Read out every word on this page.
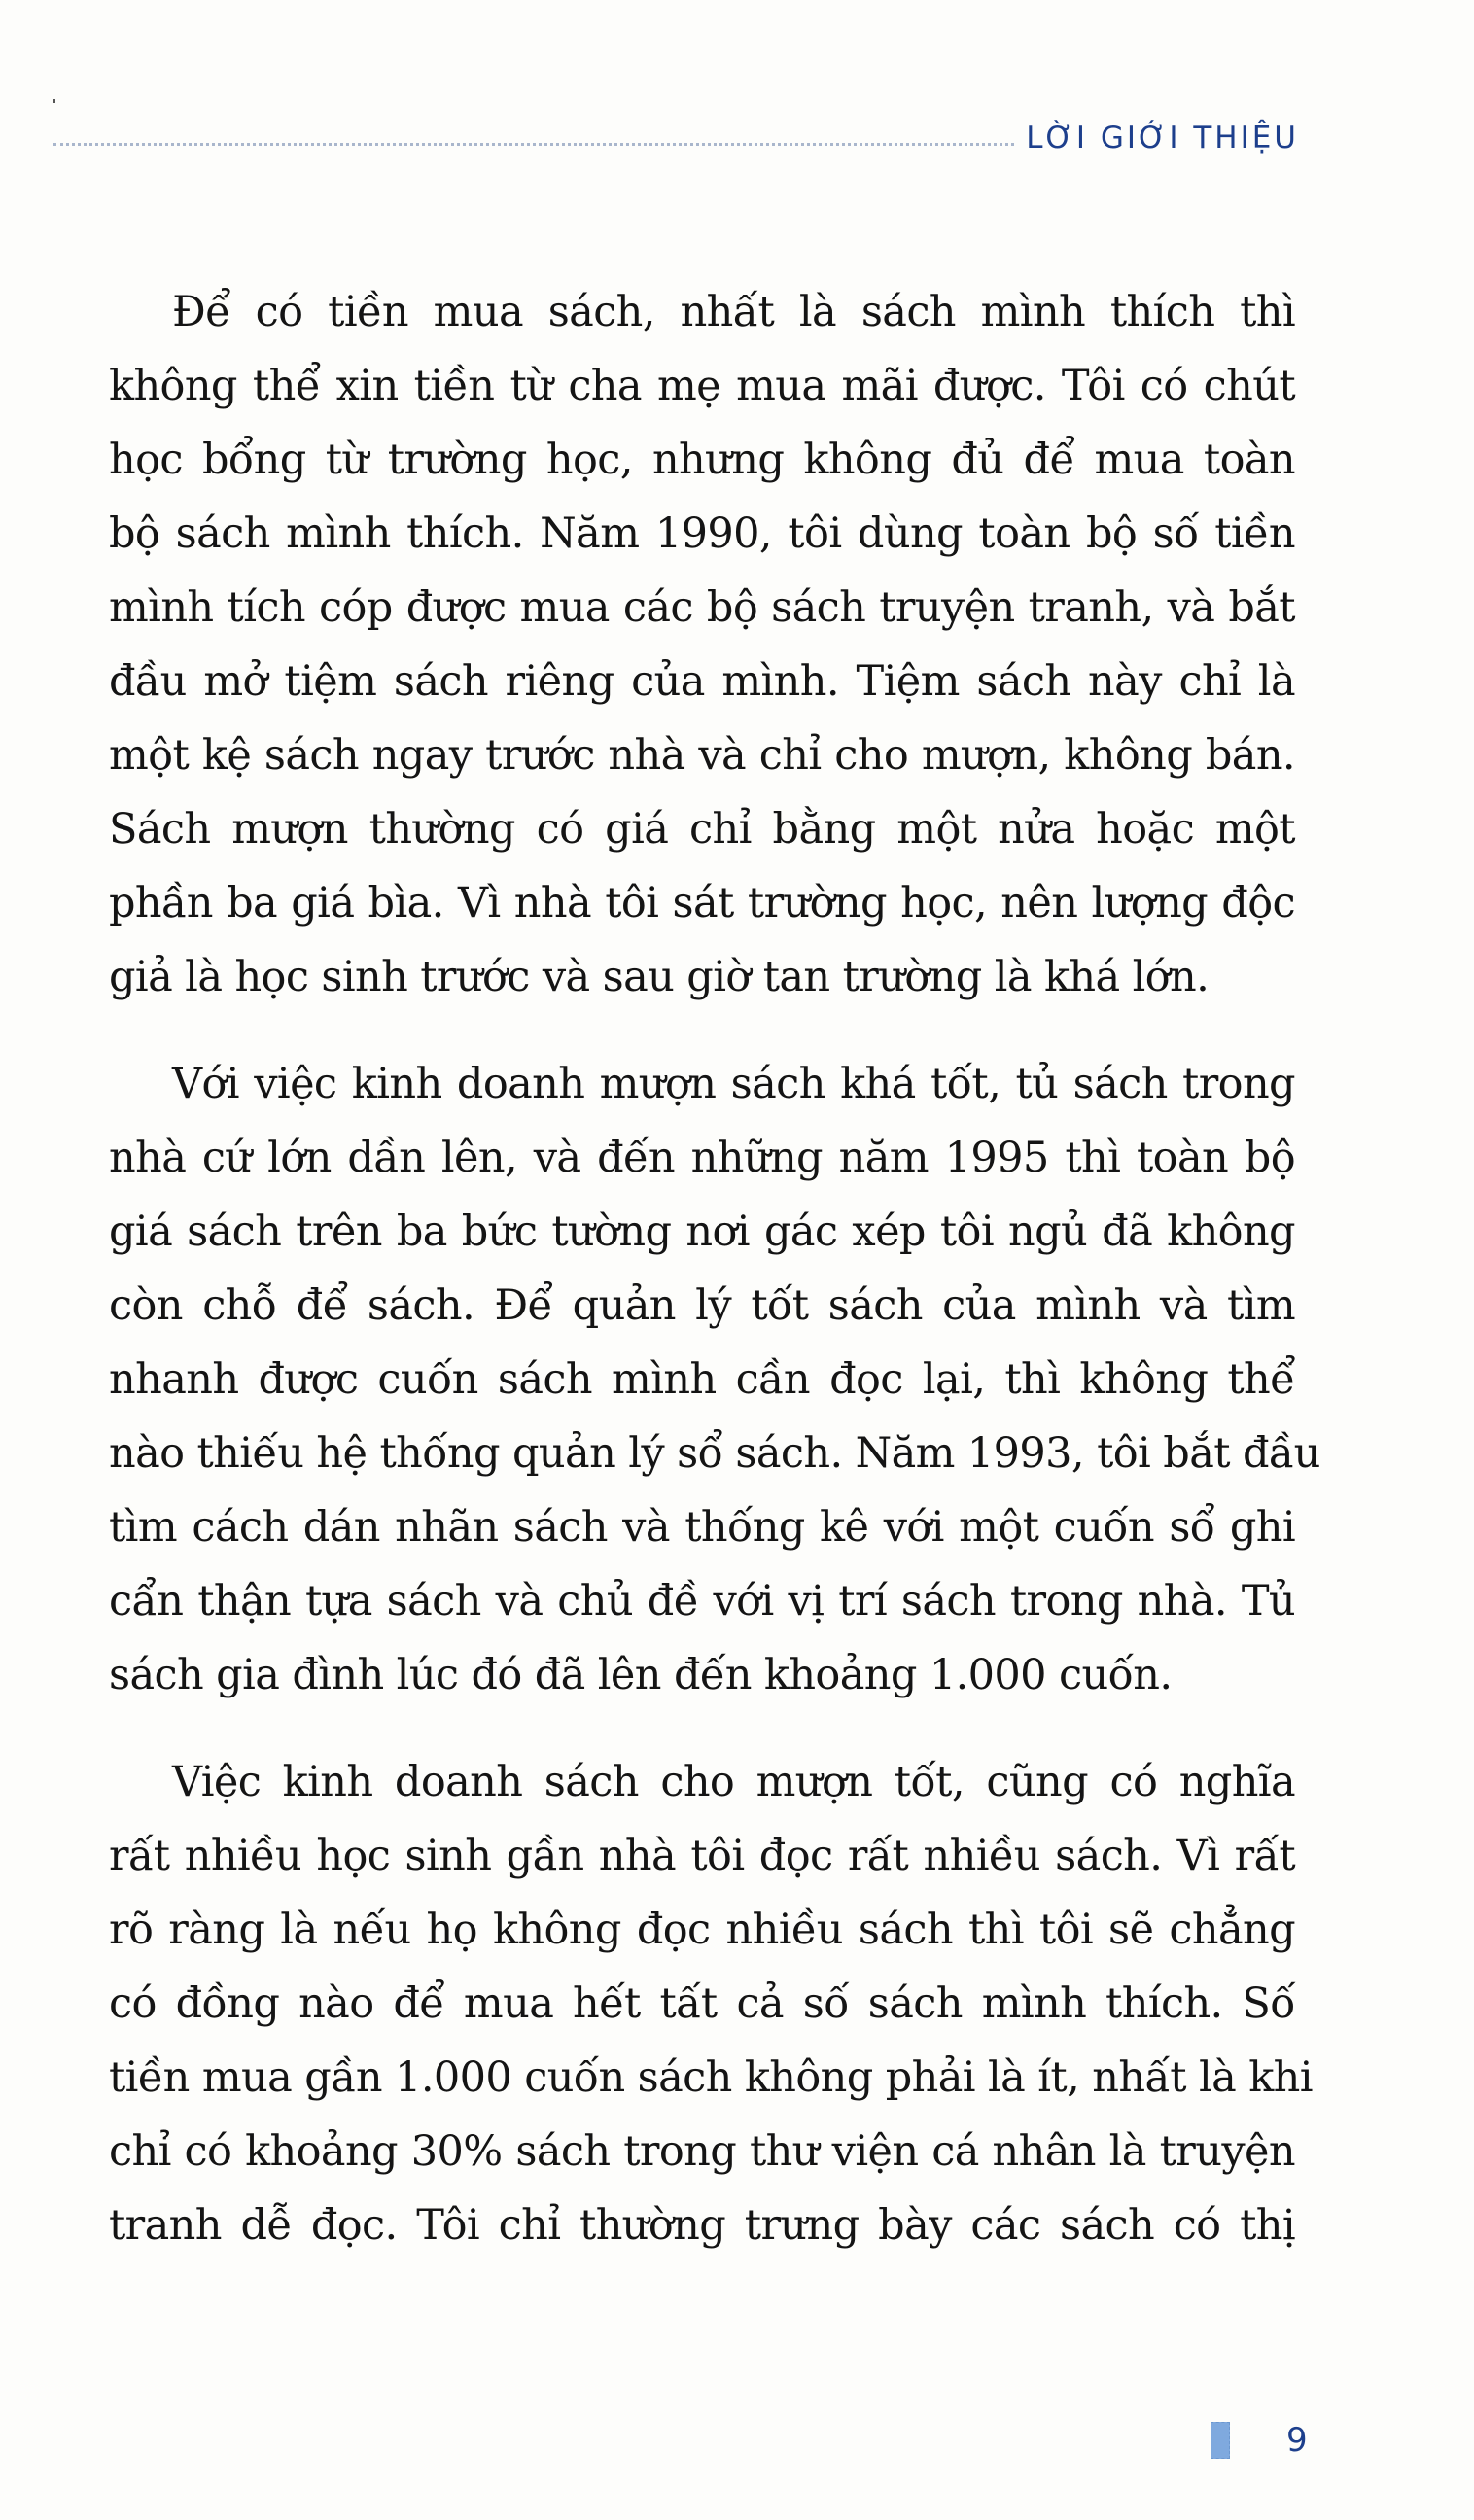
LỜI GIỚI THIỆU
Để có tiền mua sách, nhất là sách mình thích thì
không thể xin tiền từ cha mẹ mua mãi được. Tôi có chút
học bổng từ trường học, nhưng không đủ để mua toàn
bộ sách mình thích. Năm 1990, tôi dùng toàn bộ số tiền
mình tích cóp được mua các bộ sách truyện tranh, và bắt
đầu mở tiệm sách riêng của mình. Tiệm sách này chỉ là
một kệ sách ngay trước nhà và chỉ cho mượn, không bán.
Sách mượn thường có giá chỉ bằng một nửa hoặc một
phần ba giá bìa. Vì nhà tôi sát trường học, nên lượng độc
giả là học sinh trước và sau giờ tan trường là khá lớn.
Với việc kinh doanh mượn sách khá tốt, tủ sách trong
nhà cứ lớn dần lên, và đến những năm 1995 thì toàn bộ
giá sách trên ba bức tường nơi gác xép tôi ngủ đã không
còn chỗ để sách. Để quản lý tốt sách của mình và tìm
nhanh được cuốn sách mình cần đọc lại, thì không thể
nào thiếu hệ thống quản lý sổ sách. Năm 1993, tôi bắt đầu
tìm cách dán nhãn sách và thống kê với một cuốn sổ ghi
cẩn thận tựa sách và chủ đề với vị trí sách trong nhà. Tủ
sách gia đình lúc đó đã lên đến khoảng 1.000 cuốn.
Việc kinh doanh sách cho mượn tốt, cũng có nghĩa
rất nhiều học sinh gần nhà tôi đọc rất nhiều sách. Vì rất
rõ ràng là nếu họ không đọc nhiều sách thì tôi sẽ chẳng
có đồng nào để mua hết tất cả số sách mình thích. Số
tiền mua gần 1.000 cuốn sách không phải là ít, nhất là khi
chỉ có khoảng 30% sách trong thư viện cá nhân là truyện
tranh dễ đọc. Tôi chỉ thường trưng bày các sách có thị
9
